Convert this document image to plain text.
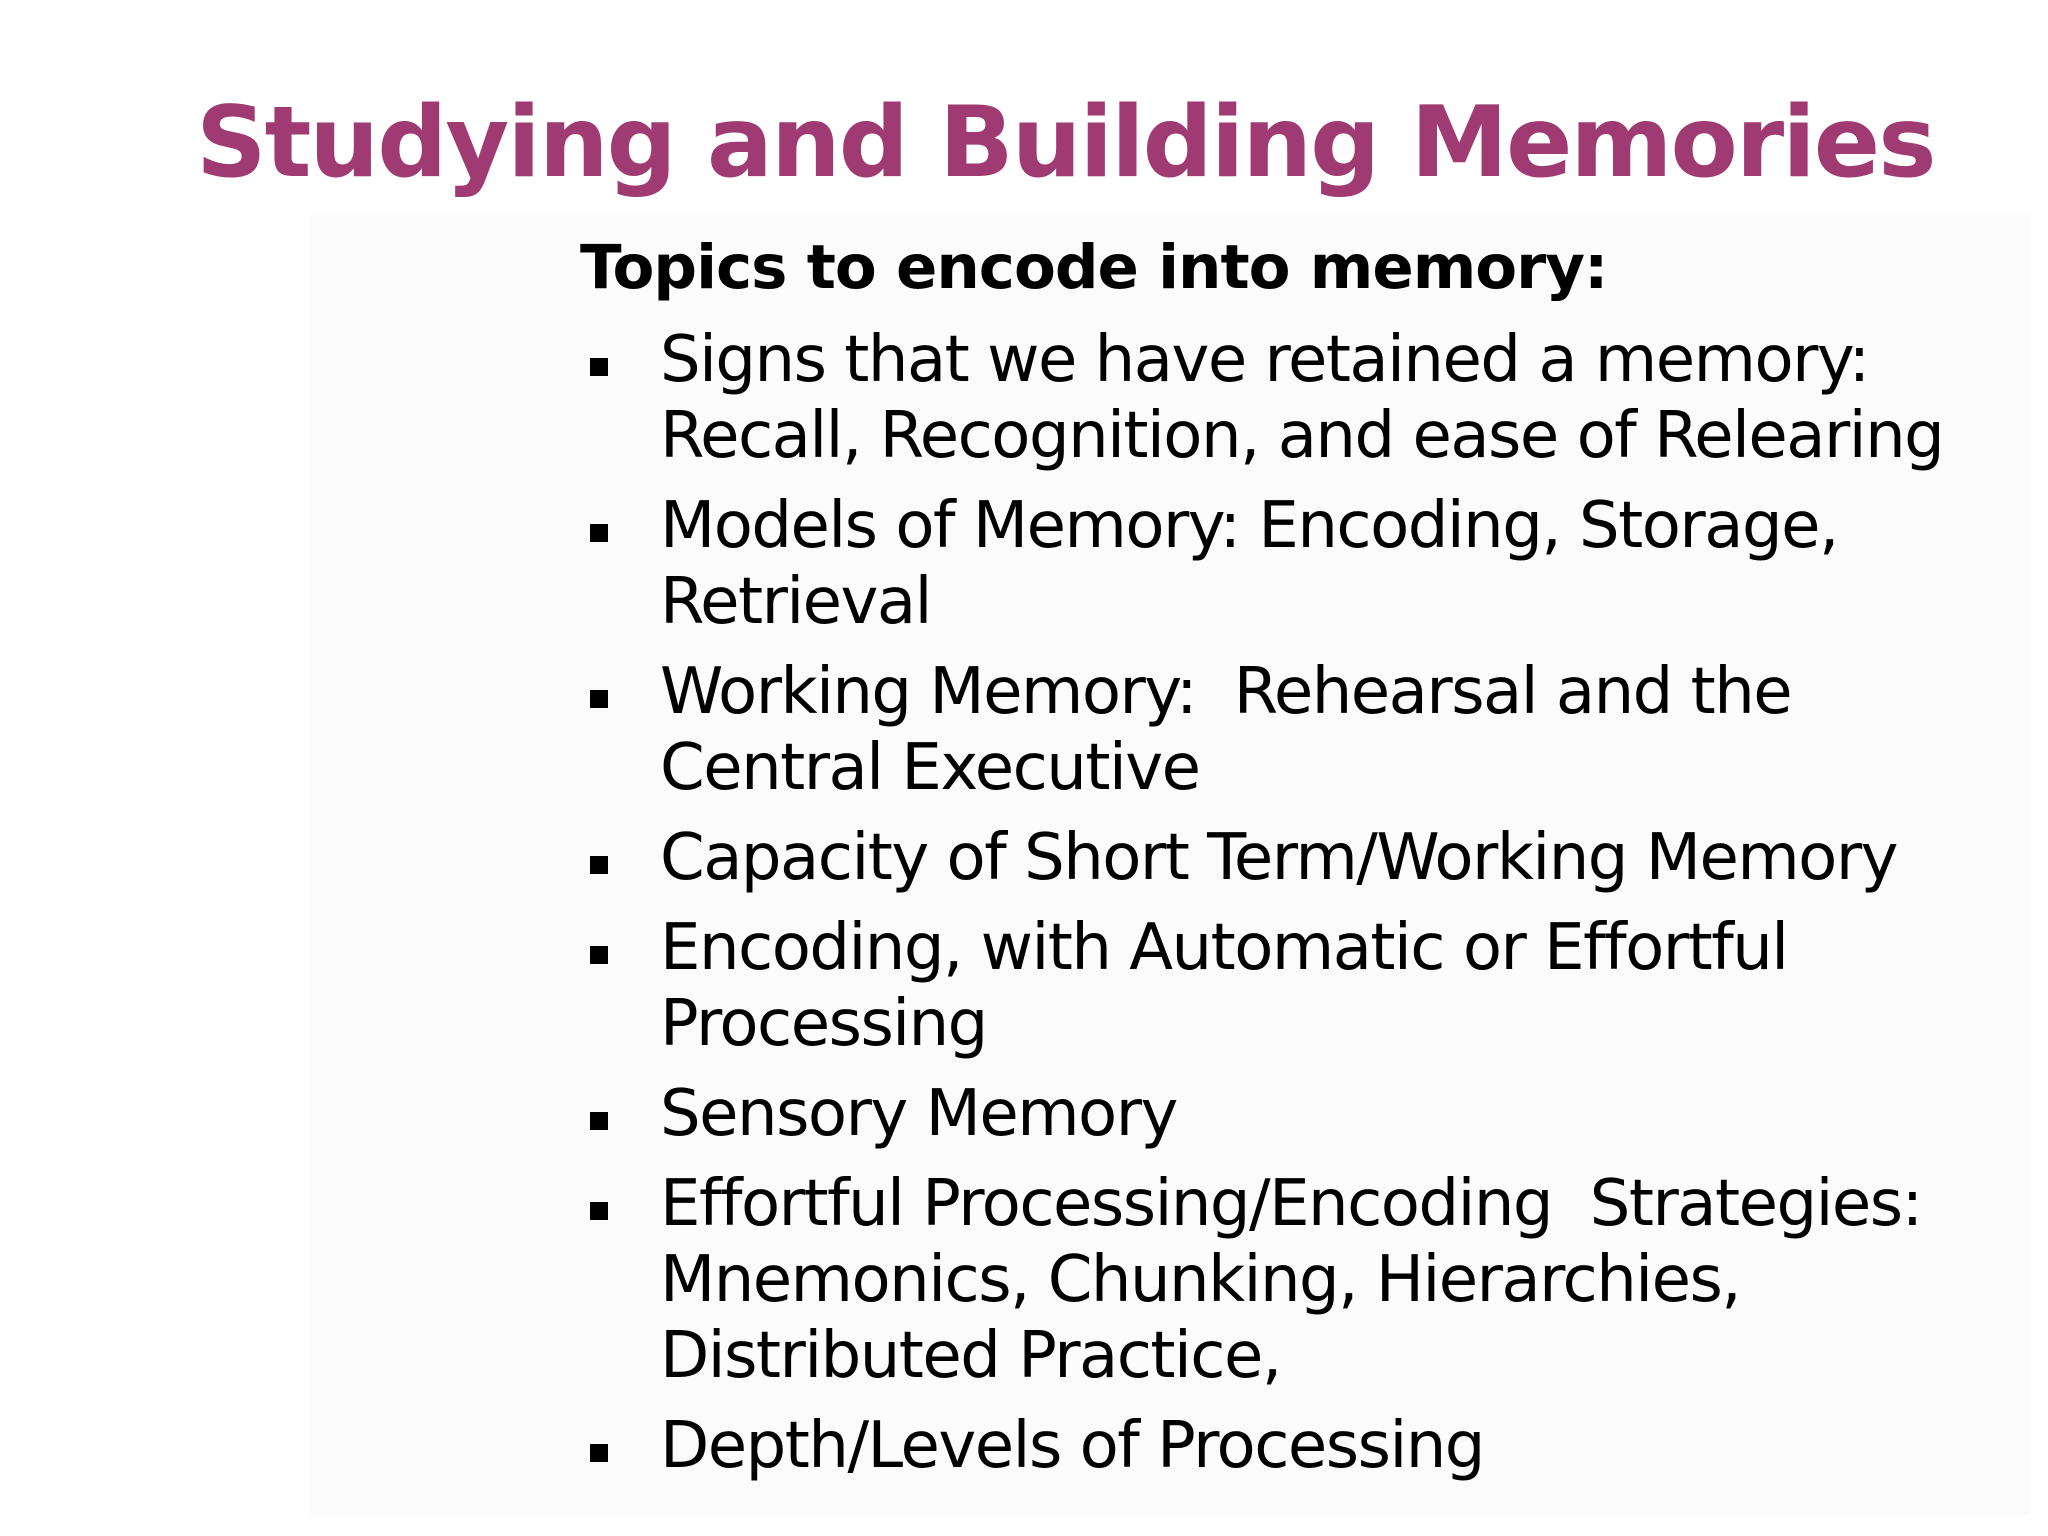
Studying and Building Memories

Topics to encode into memory:

Signs that we have retained a memory:
Recall, Recognition, and ease of Relearing
Models of Memory: Encoding, Storage,
Retrieval
Working Memory:  Rehearsal and the
Central Executive
Capacity of Short Term/Working Memory
Encoding, with Automatic or Effortful
Processing
Sensory Memory
Effortful Processing/Encoding  Strategies:
Mnemonics, Chunking, Hierarchies,
Distributed Practice,
Depth/Levels of Processing
